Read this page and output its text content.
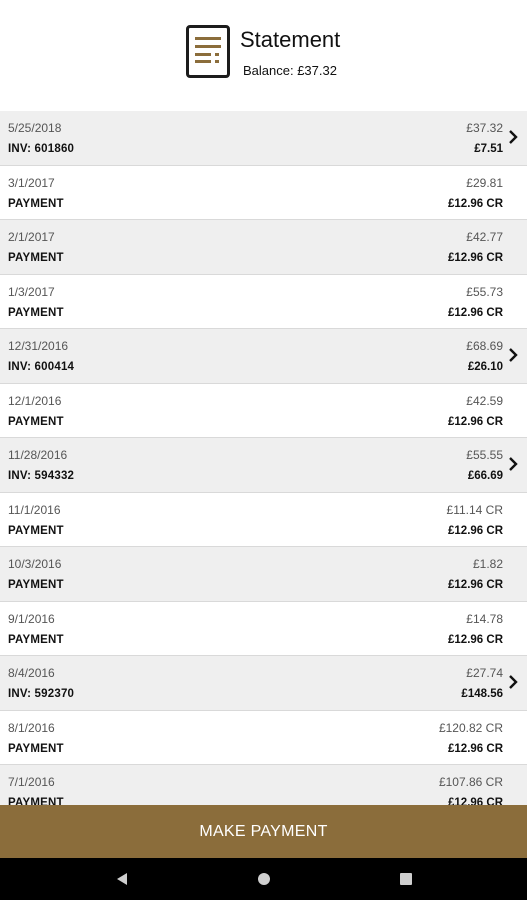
Statement
Balance: £37.32
5/25/2018
INV: 601860
£37.32
£7.51
3/1/2017
PAYMENT
£29.81
£12.96 CR
2/1/2017
PAYMENT
£42.77
£12.96 CR
1/3/2017
PAYMENT
£55.73
£12.96 CR
12/31/2016
INV: 600414
£68.69
£26.10
12/1/2016
PAYMENT
£42.59
£12.96 CR
11/28/2016
INV: 594332
£55.55
£66.69
11/1/2016
PAYMENT
£11.14 CR
£12.96 CR
10/3/2016
PAYMENT
£1.82
£12.96 CR
9/1/2016
PAYMENT
£14.78
£12.96 CR
8/4/2016
INV: 592370
£27.74
£148.56
8/1/2016
PAYMENT
£120.82 CR
£12.96 CR
7/1/2016
PAYMENT
£107.86 CR
£12.96 CR
MAKE PAYMENT
